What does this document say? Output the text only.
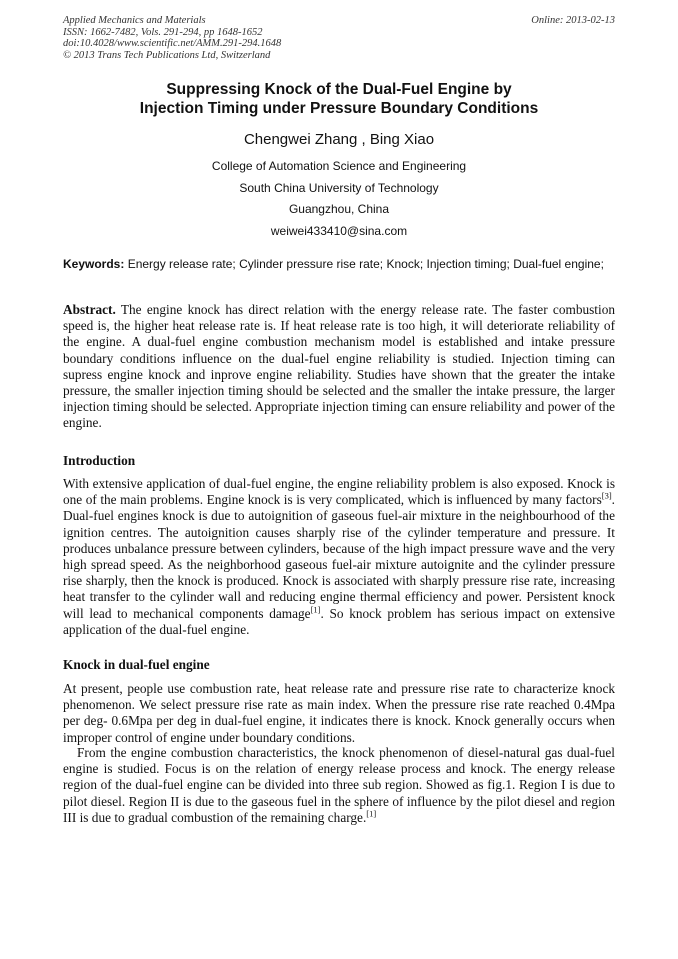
Applied Mechanics and Materials
ISSN: 1662-7482, Vols. 291-294, pp 1648-1652
doi:10.4028/www.scientific.net/AMM.291-294.1648
© 2013 Trans Tech Publications Ltd, Switzerland
Online: 2013-02-13
Suppressing Knock of the Dual-Fuel Engine by
Injection Timing under Pressure Boundary Conditions
Chengwei Zhang , Bing Xiao
College of Automation Science and Engineering
South China University of Technology
Guangzhou, China
weiwei433410@sina.com
Keywords: Energy release rate; Cylinder pressure rise rate; Knock; Injection timing; Dual-fuel engine;
Abstract. The engine knock has direct relation with the energy release rate. The faster combustion speed is, the higher heat release rate is. If heat release rate is too high, it will deteriorate reliability of the engine. A dual-fuel engine combustion mechanism model is established and intake pressure boundary conditions influence on the dual-fuel engine reliability is studied. Injection timing can supress engine knock and inprove engine reliability. Studies have shown that the greater the intake pressure, the smaller injection timing should be selected and the smaller the intake pressure, the larger injection timing should be selected. Appropriate injection timing can ensure reliability and power of the engine.
Introduction
With extensive application of dual-fuel engine, the engine reliability problem is also exposed. Knock is one of the main problems. Engine knock is is very complicated, which is influenced by many factors[3]. Dual-fuel engines knock is due to autoignition of gaseous fuel-air mixture in the neighbourhood of the ignition centres. The autoignition causes sharply rise of the cylinder temperature and pressure. It produces unbalance pressure between cylinders, because of the high impact pressure wave and the very high spread speed. As the neighborhood gaseous fuel-air mixture autoignite and the cylinder pressure rise sharply, then the knock is produced. Knock is associated with sharply pressure rise rate, increasing heat transfer to the cylinder wall and reducing engine thermal efficiency and power. Persistent knock will lead to mechanical components damage[1]. So knock problem has serious impact on extensive application of the dual-fuel engine.
Knock in dual-fuel engine
At present, people use combustion rate, heat release rate and pressure rise rate to characterize knock phenomenon. We select pressure rise rate as main index. When the pressure rise rate reached 0.4Mpa per deg- 0.6Mpa per deg in dual-fuel engine, it indicates there is knock. Knock generally occurs when improper control of engine under boundary conditions.
From the engine combustion characteristics, the knock phenomenon of diesel-natural gas dual-fuel engine is studied. Focus is on the relation of energy release process and knock. The energy release region of the dual-fuel engine can be divided into three sub region. Showed as fig.1. Region I is due to pilot diesel. Region II is due to the gaseous fuel in the sphere of influence by the pilot diesel and region III is due to gradual combustion of the remaining charge.[1]
